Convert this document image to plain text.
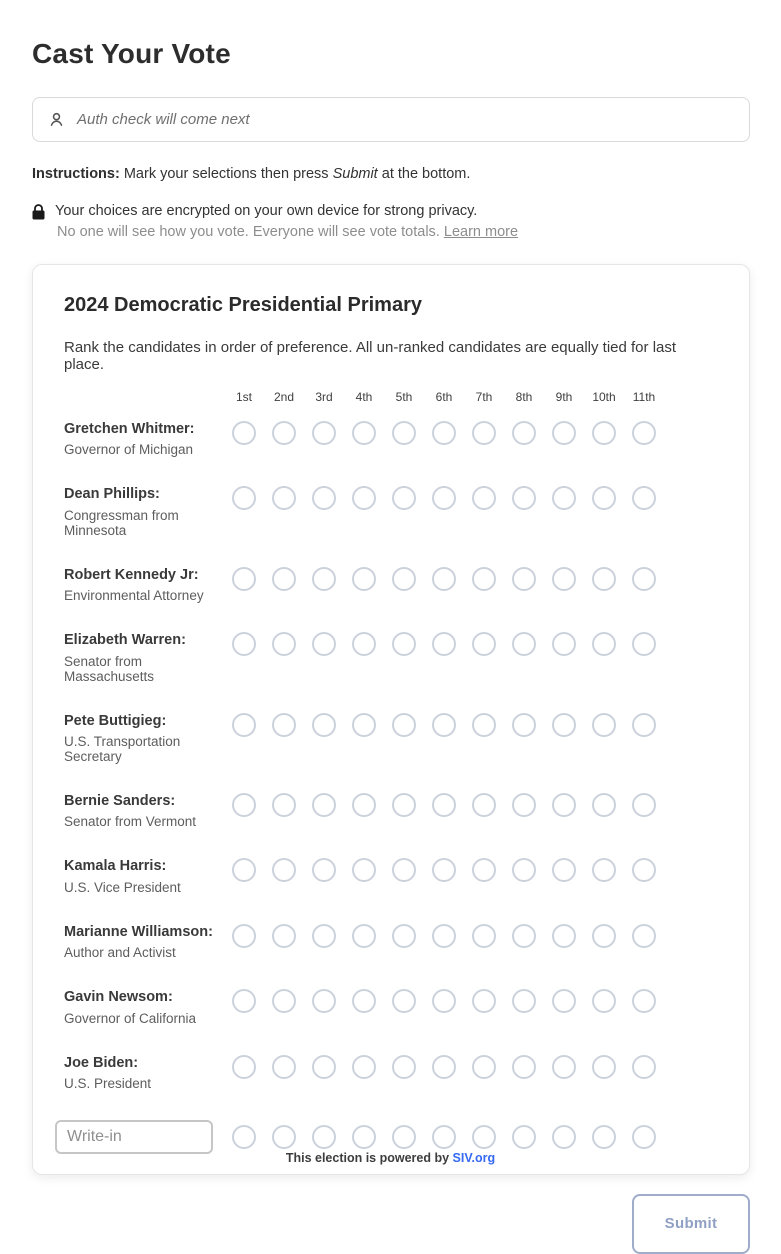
Cast Your Vote
Auth check will come next
Instructions: Mark your selections then press Submit at the bottom.
Your choices are encrypted on your own device for strong privacy.
No one will see how you vote. Everyone will see vote totals. Learn more
2024 Democratic Presidential Primary
Rank the candidates in order of preference. All un-ranked candidates are equally tied for last place.
1st	2nd	3rd	4th	5th	6th	7th	8th	9th	10th	11th
Gretchen Whitmer:
Governor of Michigan
Dean Phillips:
Congressman from Minnesota
Robert Kennedy Jr:
Environmental Attorney
Elizabeth Warren:
Senator from Massachusetts
Pete Buttigieg:
U.S. Transportation Secretary
Bernie Sanders:
Senator from Vermont
Kamala Harris:
U.S. Vice President
Marianne Williamson:
Author and Activist
Gavin Newsom:
Governor of California
Joe Biden:
U.S. President
Write-in
Submit
This election is powered by SIV.org
